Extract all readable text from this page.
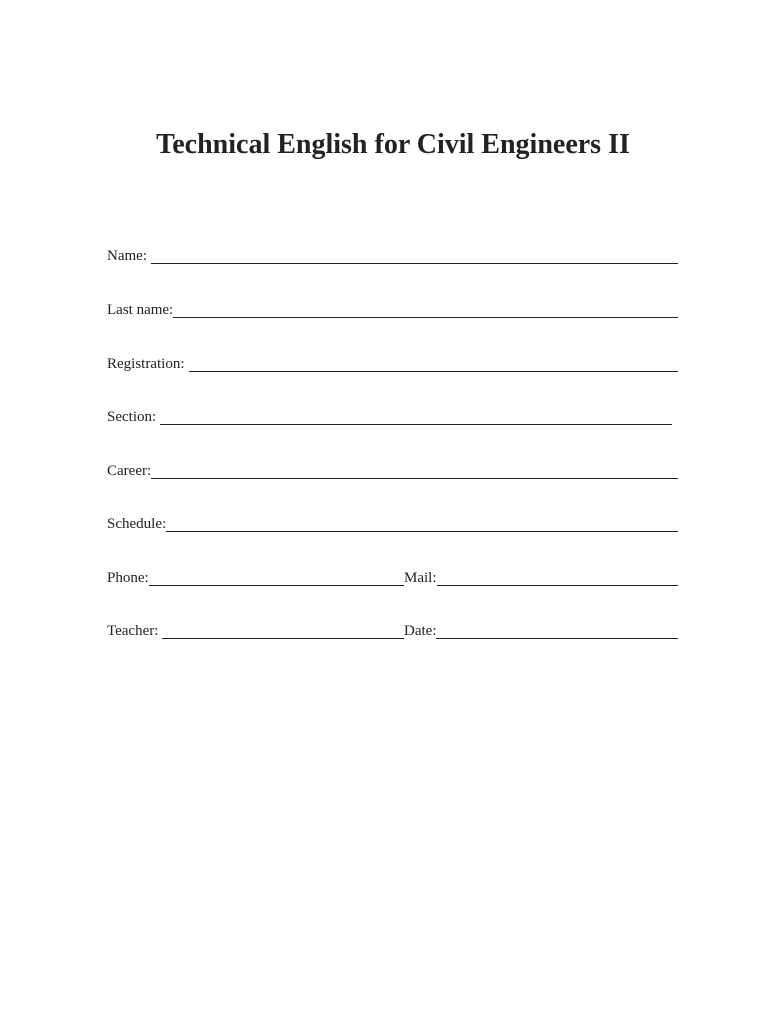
Technical English for Civil Engineers II
Name:
Last name:
Registration:
Section:
Career:
Schedule:
Phone:	Mail:
Teacher:	Date:
